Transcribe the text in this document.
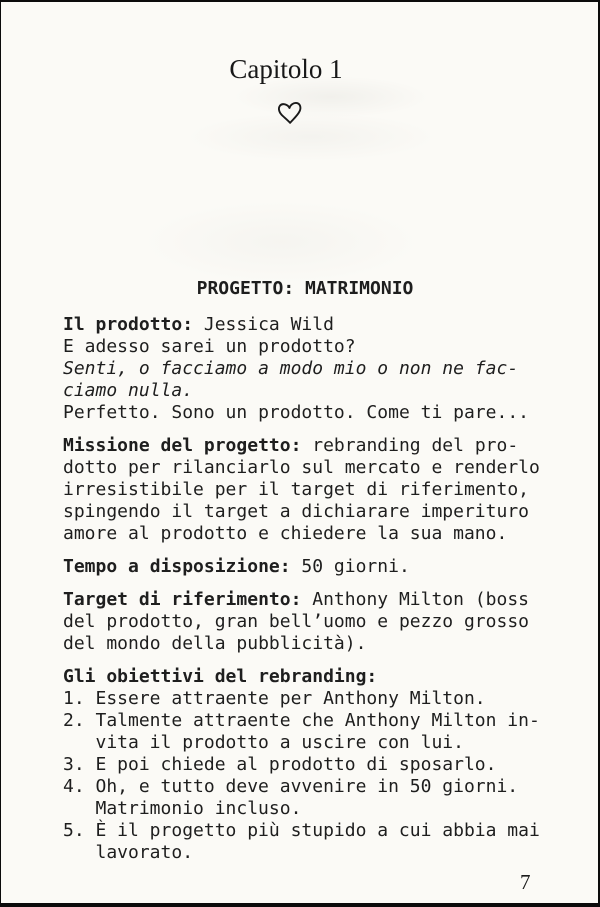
Capitolo 1
PROGETTO: MATRIMONIO
Il prodotto: Jessica Wild
E adesso sarei un prodotto?
Senti, o facciamo a modo mio o non ne fac-
ciamo nulla.
Perfetto. Sono un prodotto. Come ti pare...
Missione del progetto: rebranding del pro-
dotto per rilanciarlo sul mercato e renderlo
irresistibile per il target di riferimento,
spingendo il target a dichiarare imperituro
amore al prodotto e chiedere la sua mano.
Tempo a disposizione: 50 giorni.
Target di riferimento: Anthony Milton (boss
del prodotto, gran bell’uomo e pezzo grosso
del mondo della pubblicità).
Gli obiettivi del rebranding:
1. Essere attraente per Anthony Milton.
2. Talmente attraente che Anthony Milton in-
vita il prodotto a uscire con lui.
3. E poi chiede al prodotto di sposarlo.
4. Oh, e tutto deve avvenire in 50 giorni.
Matrimonio incluso.
5. È il progetto più stupido a cui abbia mai
lavorato.
7
